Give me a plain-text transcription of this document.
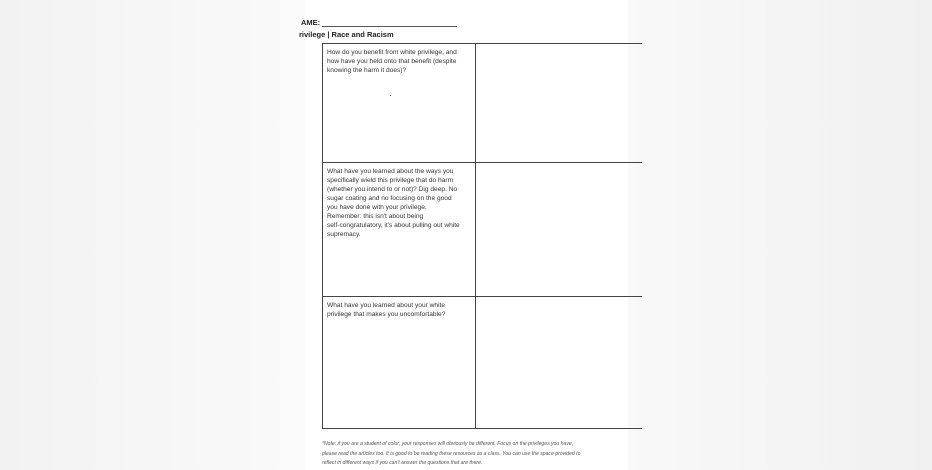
AME:
rivilege | Race and Racism
How do you benefit from white privilege, and
how have you held onto that benefit (despite
knowing the harm it does)?
What have you learned about the ways you
specifically wield this privilege that do harm
(whether you intend to or not)? Dig deep. No
sugar coating and no focusing on the good
you have done with your privilege.
Remember: this isn't about being
self-congratulatory, it's about pulling out white
supremacy.
What have you learned about your white
privilege that makes you uncomfortable?
*Note: if you are a student of color, your responses will obviously be different. Focus on the privileges you have,
please read the articles too. It is good to be reading these resources as a class. You can use the space provided to
reflect in different ways if you can't answer the questions that are there.
